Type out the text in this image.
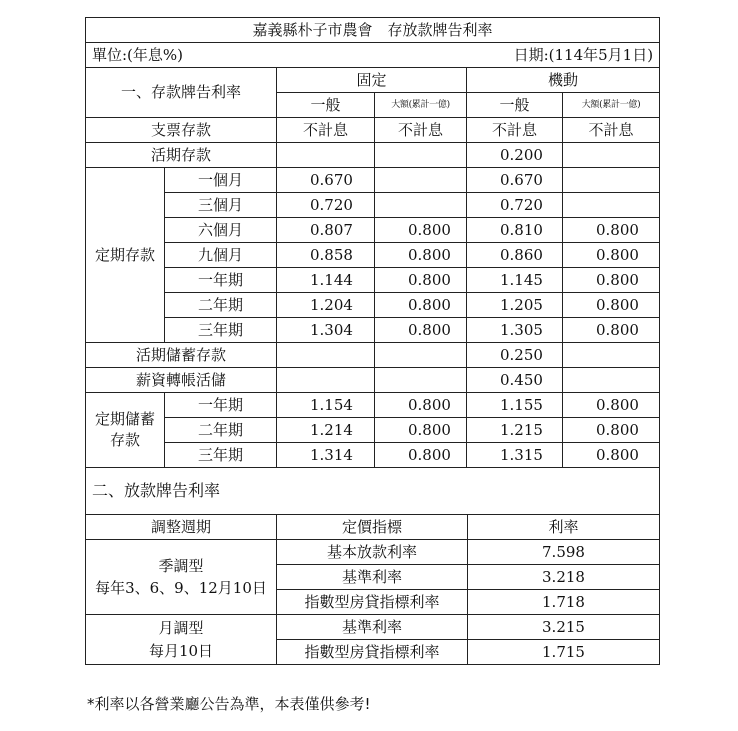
嘉義縣朴子市農會　存放款牌告利率					
單位:(年息%)			日期:(114年5月1日)		
一、存款牌告利率		固定		機動	
		一般	大額(累計一億)	一般	大額(累計一億)
支票存款		不計息	不計息	不計息	不計息
活期存款				0.200	
定期存款	一個月	0.670		0.670	
	三個月	0.720		0.720	
	六個月	0.807	0.800	0.810	0.800
	九個月	0.858	0.800	0.860	0.800
	一年期	1.144	0.800	1.145	0.800
	二年期	1.204	0.800	1.205	0.800
	三年期	1.304	0.800	1.305	0.800
活期儲蓄存款				0.250	
薪資轉帳活儲				0.450	

定期儲蓄
存款	一年期	1.154	0.800	1.155	0.800
	二年期	1.214	0.800	1.215	0.800
	三年期	1.314	0.800	1.315	0.800
二、放款牌告利率					
調整週期	定價指標	利率

季調型
每年3、6、9、12月10日	基本放款利率	7.598
	基準利率	3.218
	指數型房貸指標利率	1.718

月調型
每月10日	基準利率	3.215
	指數型房貸指標利率	1.715
*利率以各營業廳公告為準，本表僅供參考!
